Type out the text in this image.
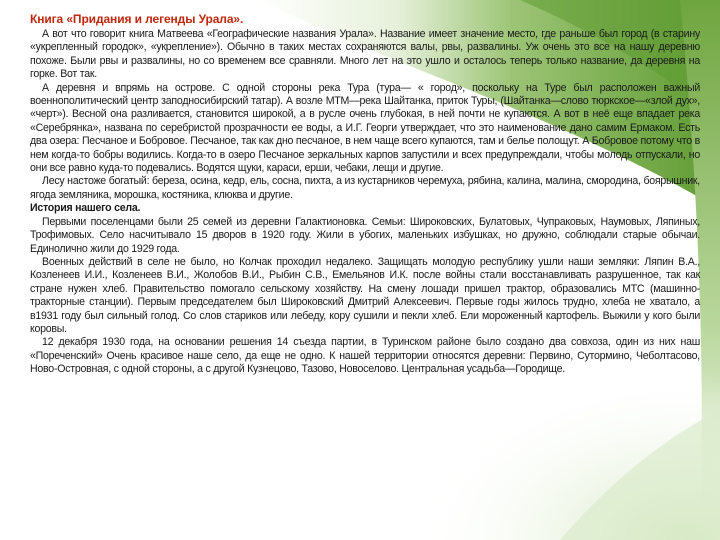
Книга «Придания и легенды Урала».

А вот что говорит книга Матвеева «Географические названия Урала». Название имеет значение место, где раньше был город (в старину «укрепленный городок», «укрепление»). Обычно в таких местах сохраняются валы, рвы, развалины. Уж очень это все на нашу деревню похоже. Были рвы и развалины, но со временем все сравняли. Много лет на это ушло и осталось теперь только название, да деревня на горке. Вот так.

А деревня и впрямь на острове. С одной стороны река Тура (тура— « город», поскольку на Туре был расположен важный военнополитический центр заподносибирский татар). А возле МТМ—река Шайтанка, приток Туры, (Шайтанка—слово тюркское—«злой дух», «черт»). Весной она разливается, становится широкой, а в русле очень глубокая, в ней почти не купаются. А вот в неё еще впадает река «Серебрянка», названа по серебристой прозрачности ее воды, а И.Г. Георги утверждает, что это наименование дано самим Ермаком. Есть два озера: Песчаное и Бобровое. Песчаное, так как дно песчаное, в нем чаще всего купаются, там и белье полощут. А Бобровое потому что в нем когда-то бобры водились. Когда-то в озеро Песчаное зеркальных карпов запустили и всех предупреждали, чтобы молодь отпускали, но они все равно куда-то подевались. Водятся щуки, караси, ерши, чебаки, лещи и другие.

Лесу настоже богатый: береза, осина, кедр, ель, сосна, пихта, а из кустарников черемуха, рябина, калина, малина, смородина, боярышник, ягода земляника, морошка, костяника, клюква и другие.

История нашего села.

Первыми поселенцами были 25 семей из деревни Галактионовка. Семьи: Широковских, Булатовых, Чупраковых, Наумовых, Ляпиных, Трофимовых. Село насчитывало 15 дворов в 1920 году. Жили в убогих, маленьких избушках, но дружно, соблюдали старые обычаи. Единолично жили до 1929 года.

Военных действий в селе не было, но Колчак проходил недалеко. Защищать молодую республику ушли наши земляки: Ляпин В.А., Козленеев И.И., Козленеев В.И., Жолобов В.И., Рыбин С.В., Емельянов И.К. после войны стали восстанавливать разрушенное, так как стране нужен хлеб. Правительство помогало сельскому хозяйству. На смену лошади пришел трактор, образовались МТС (машинно-тракторные станции). Первым председателем был Широковский Дмитрий Алексеевич. Первые годы жилось трудно, хлеба не хватало, а в1931 году был сильный голод. Со слов стариков или лебеду, кору сушили и пекли хлеб. Ели мороженный картофель. Выжили у кого были коровы.

12 декабря 1930 года, на основании решения 14 съезда партии, в Туринском районе было создано два совхоза, один из них наш «Пореченский» Очень красивое наше село, да еще не одно. К нашей территории относятся деревни: Первино, Сутормино, Чеболтасово, Ново-Островная, с одной стороны, а с другой Кузнецово, Тазово, Новоселово. Центральная усадьба—Городище.
